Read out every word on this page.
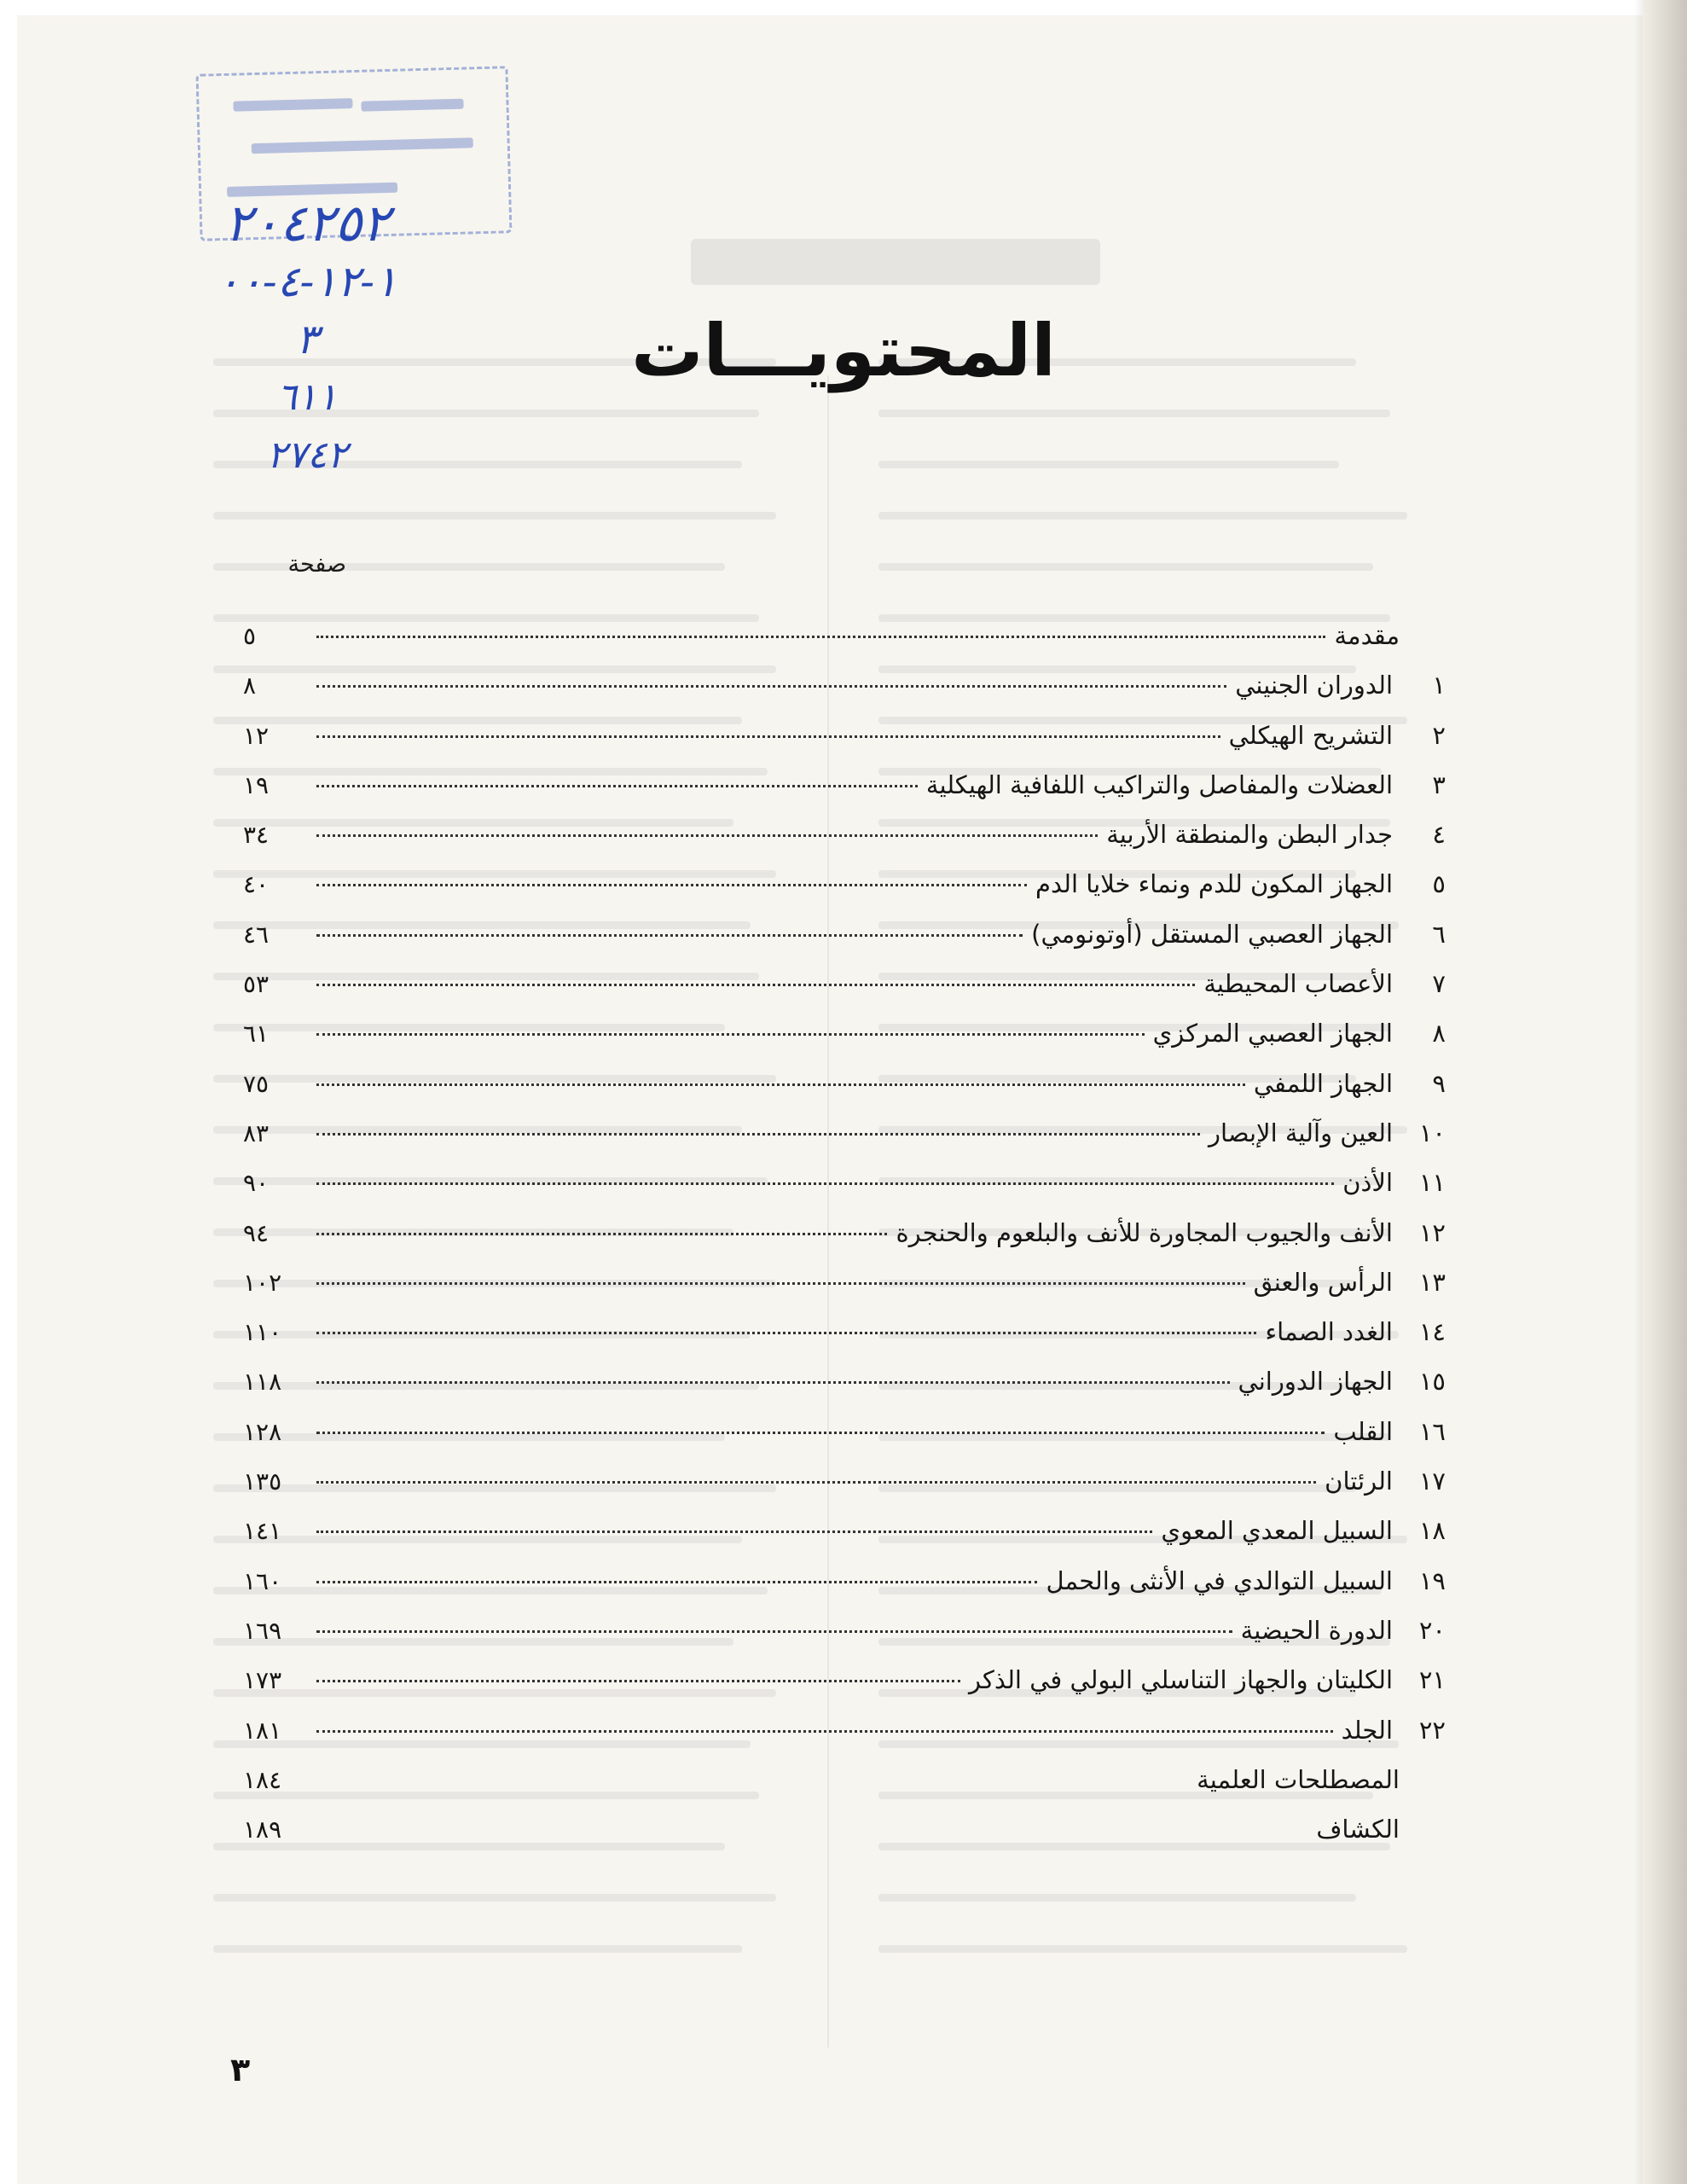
٢٠٤٢٥٢
١-١٢-٤-٠٠
٣
٦١١
٢٧٤٢
المحتويـــات
صفحة
مقدمة
٥
١
الدوران الجنيني
٨
٢
التشريح الهيكلي
١٢
٣
العضلات والمفاصل والتراكيب اللفافية الهيكلية
١٩
٤
جدار البطن والمنطقة الأربية
٣٤
٥
الجهاز المكون للدم ونماء خلايا الدم
٤٠
٦
الجهاز العصبي المستقل (أوتونومي)
٤٦
٧
الأعصاب المحيطية
٥٣
٨
الجهاز العصبي المركزي
٦١
٩
الجهاز اللمفي
٧٥
١٠
العين وآلية الإبصار
٨٣
١١
الأذن
٩٠
١٢
الأنف والجيوب المجاورة للأنف والبلعوم والحنجرة
٩٤
١٣
الرأس والعنق
١٠٢
١٤
الغدد الصماء
١١٠
١٥
الجهاز الدوراني
١١٨
١٦
القلب
١٢٨
١٧
الرئتان
١٣٥
١٨
السبيل المعدي المعوي
١٤١
١٩
السبيل التوالدي في الأنثى والحمل
١٦٠
٢٠
الدورة الحيضية
١٦٩
٢١
الكليتان والجهاز التناسلي البولي في الذكر
١٧٣
٢٢
الجلد
١٨١
المصطلحات العلمية
١٨٤
الكشاف
١٨٩
٣
